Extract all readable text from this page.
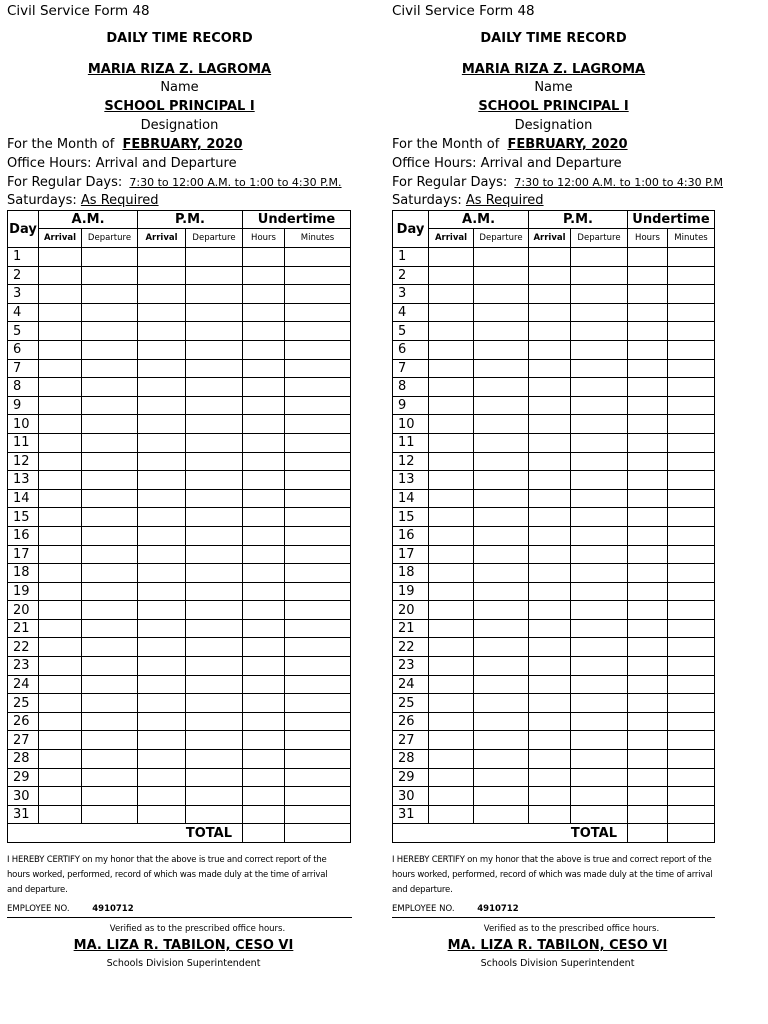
Civil Service Form 48
DAILY TIME RECORD
MARIA RIZA Z. LAGROMA
Name
SCHOOL PRINCIPAL I
Designation
For the Month of FEBRUARY, 2020
Office Hours: Arrival and Departure
For Regular Days: 7:30 to 12:00 A.M. to 1:00 to 4:30 P.M.
Saturdays: As Required
Day	A.M.		P.M.		Undertime	
	Arrival	Departure	Arrival	Departure	Hours	Minutes
1						
2						
3						
4						
5						
6						
7						
8						
9						
10						
11						
12						
13						
14						
15						
16						
17						
18						
19						
20						
21						
22						
23						
24						
25						
26						
27						
28						
29						
30						
31						
TOTAL						
I HEREBY CERTIFY on my honor that the above is true and correct report of the
hours worked, performed, record of which was made duly at the time of arrival
and departure.
EMPLOYEE NO.	4910712
Verified as to the prescribed office hours.
MA. LIZA R. TABILON, CESO VI
Schools Division Superintendent
Civil Service Form 48
DAILY TIME RECORD
MARIA RIZA Z. LAGROMA
Name
SCHOOL PRINCIPAL I
Designation
For the Month of FEBRUARY, 2020
Office Hours: Arrival and Departure
For Regular Days: 7:30 to 12:00 A.M. to 1:00 to 4:30 P.M
Saturdays: As Required
Day	A.M.		P.M.		Undertime	
	Arrival	Departure	Arrival	Departure	Hours	Minutes
1						
2						
3						
4						
5						
6						
7						
8						
9						
10						
11						
12						
13						
14						
15						
16						
17						
18						
19						
20						
21						
22						
23						
24						
25						
26						
27						
28						
29						
30						
31						
TOTAL						
I HEREBY CERTIFY on my honor that the above is true and correct report of the
hours worked, performed, record of which was made duly at the time of arrival
and departure.
EMPLOYEE NO.	4910712
Verified as to the prescribed office hours.
MA. LIZA R. TABILON, CESO VI
Schools Division Superintendent
